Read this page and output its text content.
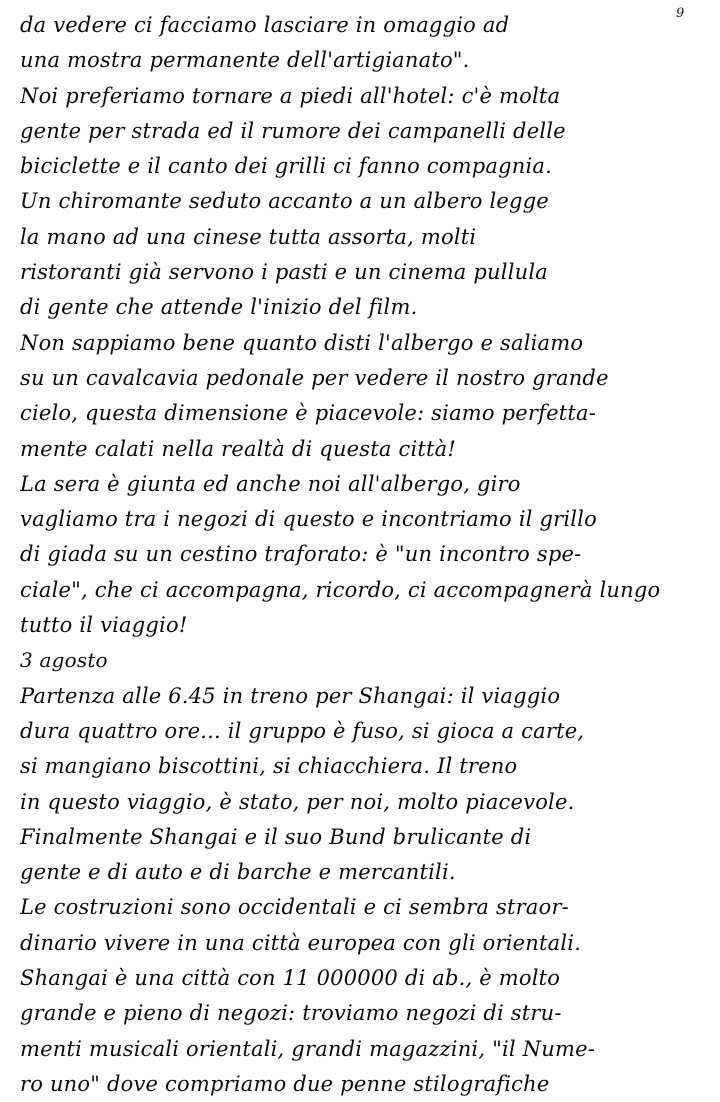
9
da vedere ci facciamo lasciare in omaggio ad
una mostra permanente dell'artigianato".
Noi preferiamo tornare a piedi all'hotel: c'è molta
gente per strada ed il rumore dei campanelli delle
biciclette e il canto dei grilli ci fanno compagnia.
Un chiromante seduto accanto a un albero legge
la mano ad una cinese tutta assorta, molti
ristoranti già servono i pasti e un cinema pullula
di gente che attende l'inizio del film.
Non sappiamo bene quanto disti l'albergo e saliamo
su un cavalcavia pedonale per vedere il nostro grande
cielo, questa dimensione è piacevole: siamo perfetta-
mente calati nella realtà di questa città!
La sera è giunta ed anche noi all'albergo, giro
vagliamo tra i negozi di questo e incontriamo il grillo
di giada su un cestino traforato: è "un incontro spe-
ciale", che ci accompagna, ricordo, ci accompagnerà lungo
tutto il viaggio!
3 agosto
Partenza alle 6.45 in treno per Shangai: il viaggio
dura quattro ore... il gruppo è fuso, si gioca a carte,
si mangiano biscottini, si chiacchiera. Il treno
in questo viaggio, è stato, per noi, molto piacevole.
Finalmente Shangai e il suo Bund brulicante di
gente e di auto e di barche e mercantili.
Le costruzioni sono occidentali e ci sembra straor-
dinario vivere in una città europea con gli orientali.
Shangai è una città con 11 000000 di ab., è molto
grande e pieno di negozi: troviamo negozi di stru-
menti musicali orientali, grandi magazzini, "il Nume-
ro uno" dove compriamo due penne stilografiche
